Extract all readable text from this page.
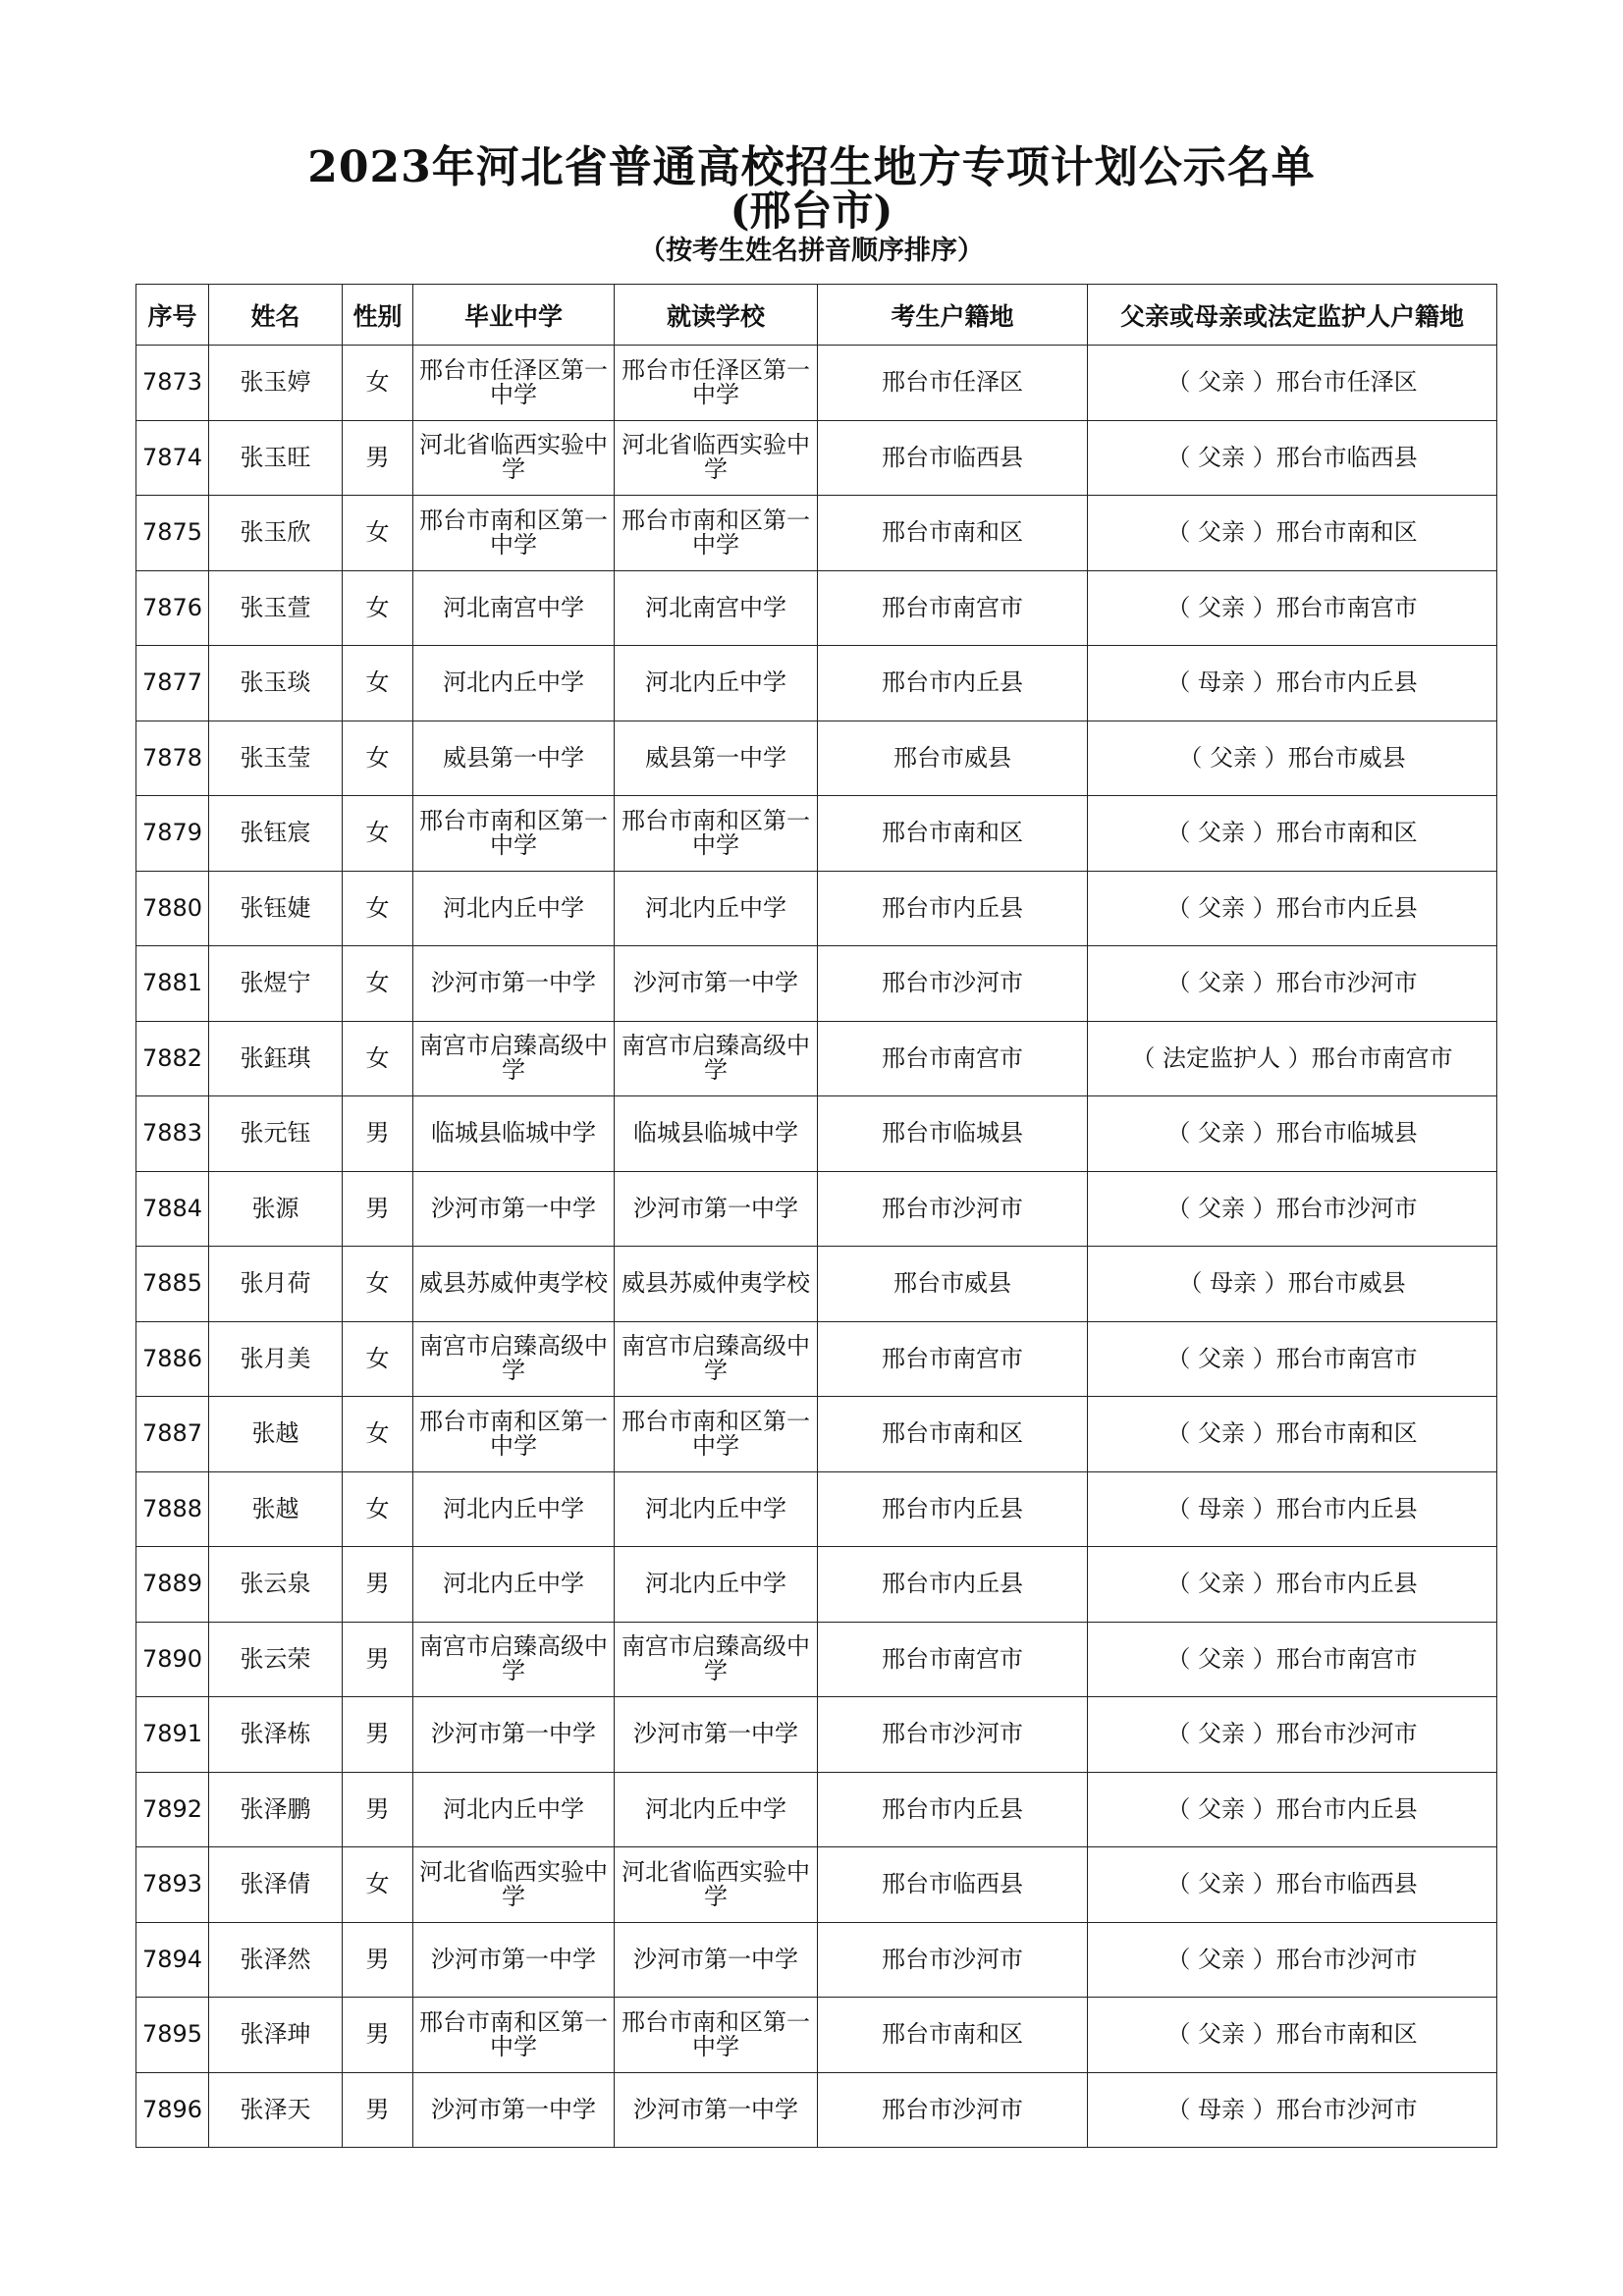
2023年河北省普通高校招生地方专项计划公示名单
(邢台市)
（按考生姓名拼音顺序排序）
序号	姓名	性别	毕业中学	就读学校	考生户籍地	父亲或母亲或法定监护人户籍地
7873	张玉婷	女	邢台市任泽区第一中学	邢台市任泽区第一中学	邢台市任泽区	（ 父亲 ）邢台市任泽区
7874	张玉旺	男	河北省临西实验中学	河北省临西实验中学	邢台市临西县	（ 父亲 ）邢台市临西县
7875	张玉欣	女	邢台市南和区第一中学	邢台市南和区第一中学	邢台市南和区	（ 父亲 ）邢台市南和区
7876	张玉萱	女	河北南宫中学	河北南宫中学	邢台市南宫市	（ 父亲 ）邢台市南宫市
7877	张玉琰	女	河北内丘中学	河北内丘中学	邢台市内丘县	（ 母亲 ）邢台市内丘县
7878	张玉莹	女	威县第一中学	威县第一中学	邢台市威县	（ 父亲 ）邢台市威县
7879	张钰宸	女	邢台市南和区第一中学	邢台市南和区第一中学	邢台市南和区	（ 父亲 ）邢台市南和区
7880	张钰婕	女	河北内丘中学	河北内丘中学	邢台市内丘县	（ 父亲 ）邢台市内丘县
7881	张煜宁	女	沙河市第一中学	沙河市第一中学	邢台市沙河市	（ 父亲 ）邢台市沙河市
7882	张鈺琪	女	南宫市启臻高级中学	南宫市启臻高级中学	邢台市南宫市	（ 法定监护人 ）邢台市南宫市
7883	张元钰	男	临城县临城中学	临城县临城中学	邢台市临城县	（ 父亲 ）邢台市临城县
7884	张源	男	沙河市第一中学	沙河市第一中学	邢台市沙河市	（ 父亲 ）邢台市沙河市
7885	张月荷	女	威县苏威仲夷学校	威县苏威仲夷学校	邢台市威县	（ 母亲 ）邢台市威县
7886	张月美	女	南宫市启臻高级中学	南宫市启臻高级中学	邢台市南宫市	（ 父亲 ）邢台市南宫市
7887	张越	女	邢台市南和区第一中学	邢台市南和区第一中学	邢台市南和区	（ 父亲 ）邢台市南和区
7888	张越	女	河北内丘中学	河北内丘中学	邢台市内丘县	（ 母亲 ）邢台市内丘县
7889	张云泉	男	河北内丘中学	河北内丘中学	邢台市内丘县	（ 父亲 ）邢台市内丘县
7890	张云荣	男	南宫市启臻高级中学	南宫市启臻高级中学	邢台市南宫市	（ 父亲 ）邢台市南宫市
7891	张泽栋	男	沙河市第一中学	沙河市第一中学	邢台市沙河市	（ 父亲 ）邢台市沙河市
7892	张泽鹏	男	河北内丘中学	河北内丘中学	邢台市内丘县	（ 父亲 ）邢台市内丘县
7893	张泽倩	女	河北省临西实验中学	河北省临西实验中学	邢台市临西县	（ 父亲 ）邢台市临西县
7894	张泽然	男	沙河市第一中学	沙河市第一中学	邢台市沙河市	（ 父亲 ）邢台市沙河市
7895	张泽珅	男	邢台市南和区第一中学	邢台市南和区第一中学	邢台市南和区	（ 父亲 ）邢台市南和区
7896	张泽天	男	沙河市第一中学	沙河市第一中学	邢台市沙河市	（ 母亲 ）邢台市沙河市
